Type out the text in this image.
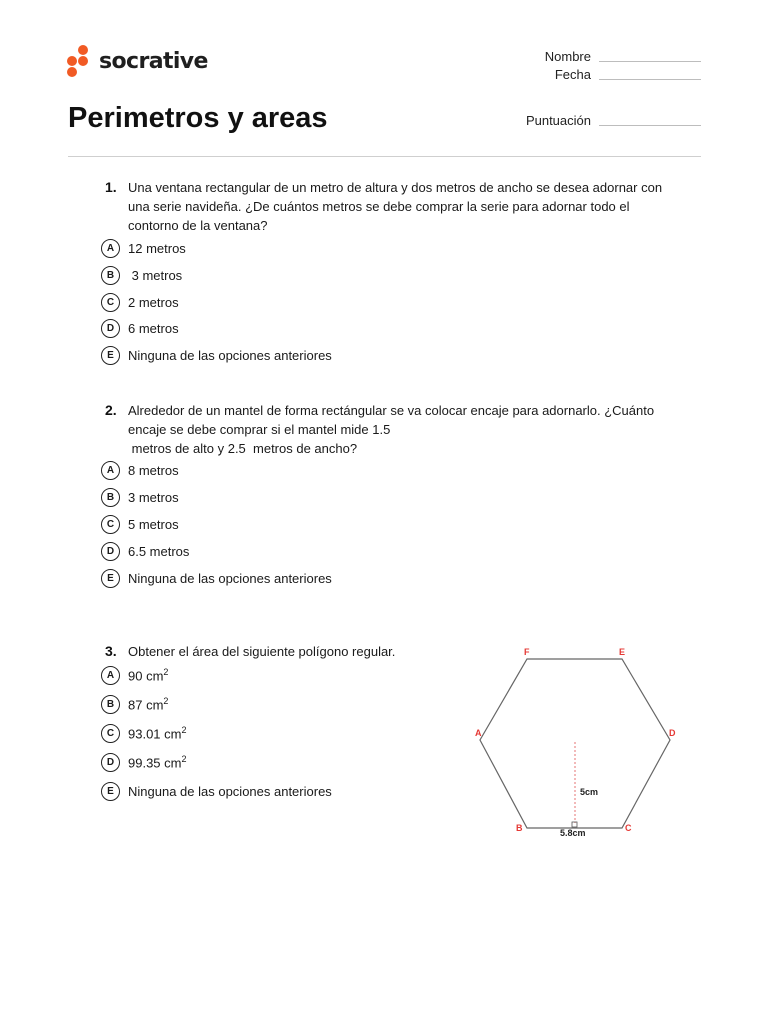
socrative	Nombre
Fecha
Puntuación
Perimetros y areas
1. Una ventana rectangular de un metro de altura y dos metros de ancho se desea adornar con
una serie navideña. ¿De cuántos metros se debe comprar la serie para adornar todo el
contorno de la ventana?
A	12 metros
B	3 metros
C	2 metros
D	6 metros
E	Ninguna de las opciones anteriores
2. Alrededor de un mantel de forma rectángular se va colocar encaje para adornarlo. ¿Cuánto
encaje se debe comprar si el mantel mide 1.5
metros de alto y 2.5  metros de ancho?
A	8 metros
B	3 metros
C	5 metros
D	6.5 metros
E	Ninguna de las opciones anteriores
3. Obtener el área del siguiente polígono regular.
A	90 $cm^2$
B	87 $cm^2$
C	93.01 $cm^2$
D	99.35 $cm^2$
E	Ninguna de las opciones anteriores
F	E
D
C
B
A
5cm
5.8cm
